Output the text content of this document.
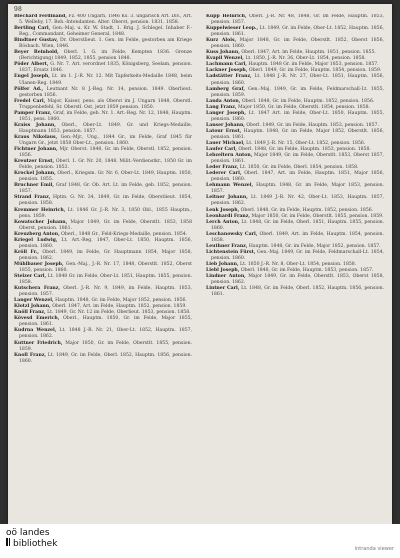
98

Blechard Ferdinand, Fz. 400 Ungarn, 1846 Ks. 3. ungarisch Art. Div., Art. 5. Welleby, 17. Beh.-Intendanten. Alter. Oberst, pension. 1831. 1858.

Bertling Carl, Gen.-Maj. u. Kr. W. Stadt, 1. Brig. J. Schlegel. Inhaber F.-Reg., Commandant, Geheimer General, 1848.

Bindtner Gustav, Dr. Oberstlieut. 1. Gen. im Felde, gestorben am Kriege Bösbach. Wien, 1846.

Beyer Reinhold, Oberl. I. G. im Felde, Kempten 1836. Grenze (Berichtigung) 1849, 1852, 1855, pension 1848.

Pöder Albert, G. Nr. 7. Art. verordnet 1835, Königsberg, Seelam, pension. 1837, Ersatz 1846.

Engel Joseph, Lt. im 1. J.-R. Nr. 12. Mit Tapferkeits-Medaille 1848, beim Ulanen-Reg. 1849.

Pölfer Ad., Leutnant Nr. 8 J.-Reg. Nr. 14, pension. 1849. Oberlieut. gestorben 1856.

Fredel Carl, Major, Kaiser, pens. als Oberst im J. Ungarn 1848, Oberstl. Truppenbefehl, Sr. Oberstl. Ost, jetzt 1859 pension. 1850.

Pamper Franz, Graf, im Felde, geb. Nr. 1. Art.-Reg. Nr. 12, 1848, Hauptm. 1851, pens. 1860.

Kraiss Johann, Oberl., Ober-Lt. 1849. Gr. und Kriegs-Medaille, Hauptmann 1853, pension. 1857.

Kraus Nikolaus, Gen.-Mjr., Ung., 1844 Gr., im Felde, Graf 1845 für Ungarn Gr., jetzt 1858 Ober-Lt., pension. 1860.

Fichtner Johann, Mjr. Oberst. 1848, Gr. im Felde, Oberstl. 1852, pension. 1856.

Kreutzer Ernst, Oberl. 1. Gr. Nr. 20, 1848. Milit.-Verdienstkr., 1850 Gr. im Felde, pension. 1853.

Krockel Johann, Oberl., Kriegsm. Gr. Nr. 6, Ober-Lt. 1849, Hauptm. 1850, pension. 1855.

Bruchner Emil, Graf 1848, Gr. Ob. Art. Lt. im Felde, geb. 1852, pension. 1857.

Strand Franz, Hptm. G. Nr. 34, 1849, Gr. im Felde, Oberstlieut. 1854, pension. 1858.

Kremmer Heinrich, Lt. 1846 Gr. J.-R. Nr. 3, 1850 Obl., 1855 Hauptm., pens. 1859.

Kowatscher Johann, Major 1849, Gr. im Felde, Oberstlt. 1853, 1858 Oberst, pension. 1861.

Kreuzberg Anton, Oberl., 1848 Gr., Feld-Kriegs-Medaille, pension. 1854.

Kriegel Ludwig, Lt. Art.-Reg. 1847, Ober-Lt. 1850, Hauptm. 1856, pension. 1860.

Kröll Fr., Oberl. 1849, im Felde, Gr. Hauptmann 1854, Major 1858, pension. 1862.

Mühlbauer Joseph, Gen.-Maj., J.-R. Nr. 17, 1848, Oberstlt. 1852, Oberst 1855, pension. 1860.

Stelzer Carl, Lt. 1848 Gr. im Felde, Ober-Lt. 1851, Hauptm. 1855, pension. 1858.

Kutschera Franz, Oberl. J.-R. Nr. 9, 1849, im Felde, Hauptm. 1853, pension. 1857.

Langer Wenzel, Hauptm. 1848, Gr. im Felde, Major 1852, pension. 1856.

Klotzl Johann, Oberl. 1847, Art. im Felde, Hauptm. 1852, pension. 1859.

Knöll Franz, Lt. 1849, Gr. Nr. 12 im Felde, Oberlieut. 1853, pension. 1858.

Kövesd Emerich, Oberl., Hauptm. 1850, Gr. im Felde, Major 1855, pension. 1861.

Kudrna Wenzel, Lt. 1848 J.-R. Nr. 21, Ober-Lt. 1852, Hauptm. 1857, pension. 1862.

Kuttner Friedrich, Major 1850, Gr. im Felde, Oberstlt. 1855, pension. 1859.

Knoll Franz, Lt. 1849, Gr. im Felde, Oberl. 1852, Hauptm. 1856, pension. 1860.

Kupp Heinrich, Oberl. J.-R. Nr. 48, 1848, Gr. im Felde, Hauptm. 1853, pension. 1857.

Kuppelwieser Leop., Lt. 1849, Gr. im Felde, Ober-Lt. 1852, Hauptm. 1856, pension. 1861.

Kurz Alois, Major 1848, Gr. im Felde, Oberstlt. 1852, Oberst 1856, pension. 1860.

Kuss Johann, Oberl. 1847, Art. im Felde, Hauptm. 1851, pension. 1855.

Kvapil Wenzel, Lt. 1850, J.-R. Nr. 36, Ober-Lt. 1854, pension. 1858.

Lachmann Carl, Hauptm. 1848 Gr. im Felde, Major 1853, pension. 1857.

Lackner Joseph, Oberl. 1849, Gr. im Felde, Hauptm. 1854, pension. 1859.

Ladstätter Franz, Lt. 1848 J.-R. Nr. 27, Ober-Lt. 1851, Hauptm. 1856, pension. 1860.

Lamberg Graf, Gen.-Maj. 1849, Gr. im Felde, Feldmarschall-Lt. 1855, pension. 1859.

Landa Anton, Oberl. 1848, Gr. im Felde, Hauptm. 1852, pension. 1856.

Lang Franz, Major 1850, Gr. im Felde, Oberstlt. 1854, pension. 1858.

Langer Joseph, Lt. 1847 Art. im Felde, Ober-Lt. 1850, Hauptm. 1855, pension. 1860.

Lanser Johann, Oberl. 1849, Gr. im Felde, Hauptm. 1853, pension. 1857.

Latour Ernst, Hauptm. 1848, Gr. im Felde, Major 1852, Oberstlt. 1856, pension. 1861.

Lauer Michael, Lt. 1849 J.-R. Nr. 15, Ober-Lt. 1852, pension. 1856.

Laufer Carl, Oberl. 1848, Gr. im Felde, Hauptm. 1853, pension. 1858.

Lebzeltern Anton, Major 1849, Gr. im Felde, Oberstlt. 1853, Oberst 1857, pension. 1861.

Leder Franz, Lt. 1850, Gr. im Felde, Oberl. 1854, pension. 1858.

Lederer Carl, Oberl. 1847, Art. im Felde, Hauptm. 1851, Major 1856, pension. 1860.

Lehmann Wenzel, Hauptm. 1848, Gr. im Felde, Major 1853, pension. 1857.

Leitner Johann, Lt. 1849 J.-R. Nr. 42, Ober-Lt. 1853, Hauptm. 1857, pension. 1862.

Lenk Joseph, Oberl. 1848, Gr. im Felde, Hauptm. 1852, pension. 1856.

Leonhardi Franz, Major 1850, Gr. im Felde, Oberstlt. 1855, pension. 1859.

Lerch Anton, Lt. 1848, Gr. im Felde, Oberl. 1851, Hauptm. 1855, pension. 1860.

Leschanowsky Carl, Oberl. 1849, Art. im Felde, Hauptm. 1854, pension. 1858.

Leuthner Franz, Hauptm. 1848, Gr. im Felde, Major 1852, pension. 1857.

Lichtenstein Fürst, Gen.-Maj. 1849, Gr. im Felde, Feldmarschall-Lt. 1854, pension. 1860.

Lieb Johann, Lt. 1850 J.-R. Nr. 8, Ober-Lt. 1854, pension. 1858.

Liebl Joseph, Oberl. 1848, Gr. im Felde, Hauptm. 1853, pension. 1857.

Lindner Anton, Major 1849, Gr. im Felde, Oberstlt. 1853, Oberst 1858, pension. 1862.

Lintner Carl, Lt. 1848, Gr. im Felde, Oberl. 1852, Hauptm. 1856, pension. 1861.

oö landes
bibliothek	intranda viewer
